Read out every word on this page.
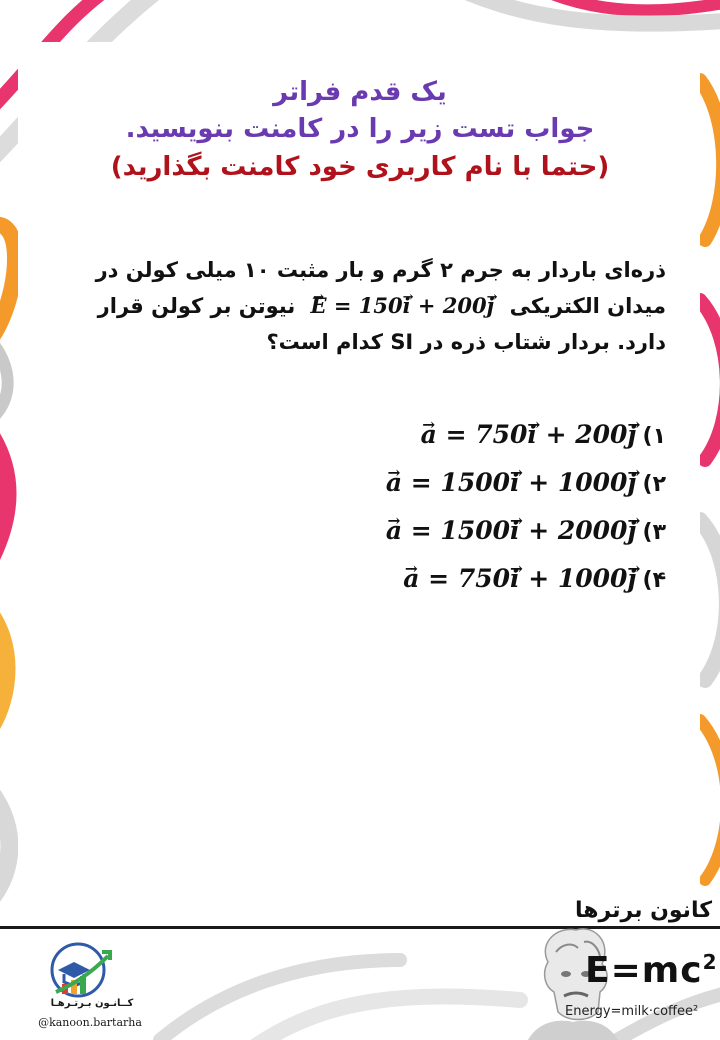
یک قدم فراتر
جواب تست زیر را در کامنت بنویسید.
(حتما با نام کاربری خود کامنت بگذارید)
ذره‌ای باردار به جرم ۲ گرم و بار مثبت ۱۰ میلی کولن در میدان الکتریکی E → = 150i → + 200j → نیوتن بر کولن قرار دارد. بردار شتاب ذره در SI کدام است؟
۱)a → = 750i → + 200j →
۲)a → = 1500i → + 1000j →
۳)a → = 1500i → + 2000j →
۴)a → = 750i → + 1000j →
کــانـون بـرتـرهـا
@kanoon.bartarha
کانون برترها
$E=mc^2$
Energy=milk·coffee²
